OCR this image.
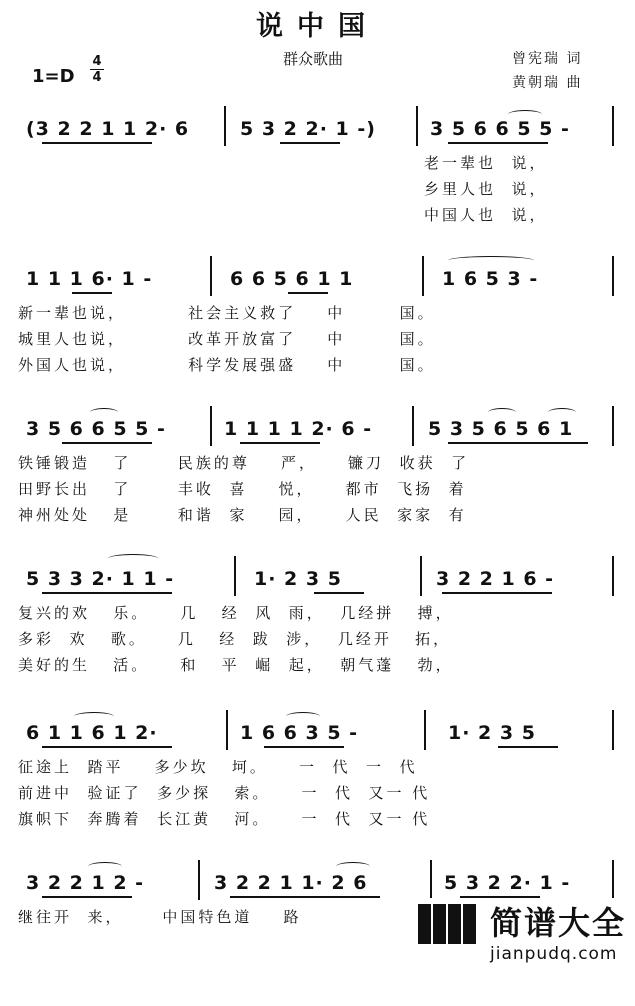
说中国
1=D
4
4
群众歌曲	曾宪瑞 词
黄朝瑞 曲
(3 2 2 1 1 2· 6	5 3 2 2· 1 -)	3 5 6 6 5 5 -
老一辈也  说，
乡里人也  说，
中国人也  说，
1 1 1 6· 1 -	6 6 5 6 1 1	1 6 5 3 -
新一辈也说，        社会主义救了    中       国。
城里人也说，        改革开放富了    中       国。
外国人也说，        科学发展强盛    中       国。
3 5 6 6 5 5 -	1 1 1 1 2· 6 -	5 3 5 6 5 6 1
铁锤锻造   了      民族的尊    严，    镰刀  收获  了
田野长出   了      丰收  喜    悦，    都市  飞扬  着
神州处处   是      和谐  家    园，    人民  家家  有
5 3 3 2· 1 1 -	1· 2 3 5	3 2 2 1 6 -
复兴的欢   乐。    几   经  风  雨，  几经拼   搏，
多彩  欢   歌。    几   经  跋  涉，  几经开   拓，
美好的生   活。    和   平  崛  起，  朝气蓬   勃，
6 1 1 6 1 2·	1 6 6 3 5 -	1· 2 3 5
征途上  踏平    多少坎   坷。    一  代  一  代
前进中  验证了  多少探   索。    一  代  又一 代
旗帜下  奔腾着  长江黄   河。    一  代  又一 代
3 2 2 1 2 -	3 2 2 1 1· 2 6	5 3 2 2· 1 -
继往开  来，     中国特色道    路	简谱大全
jianpudq.com
